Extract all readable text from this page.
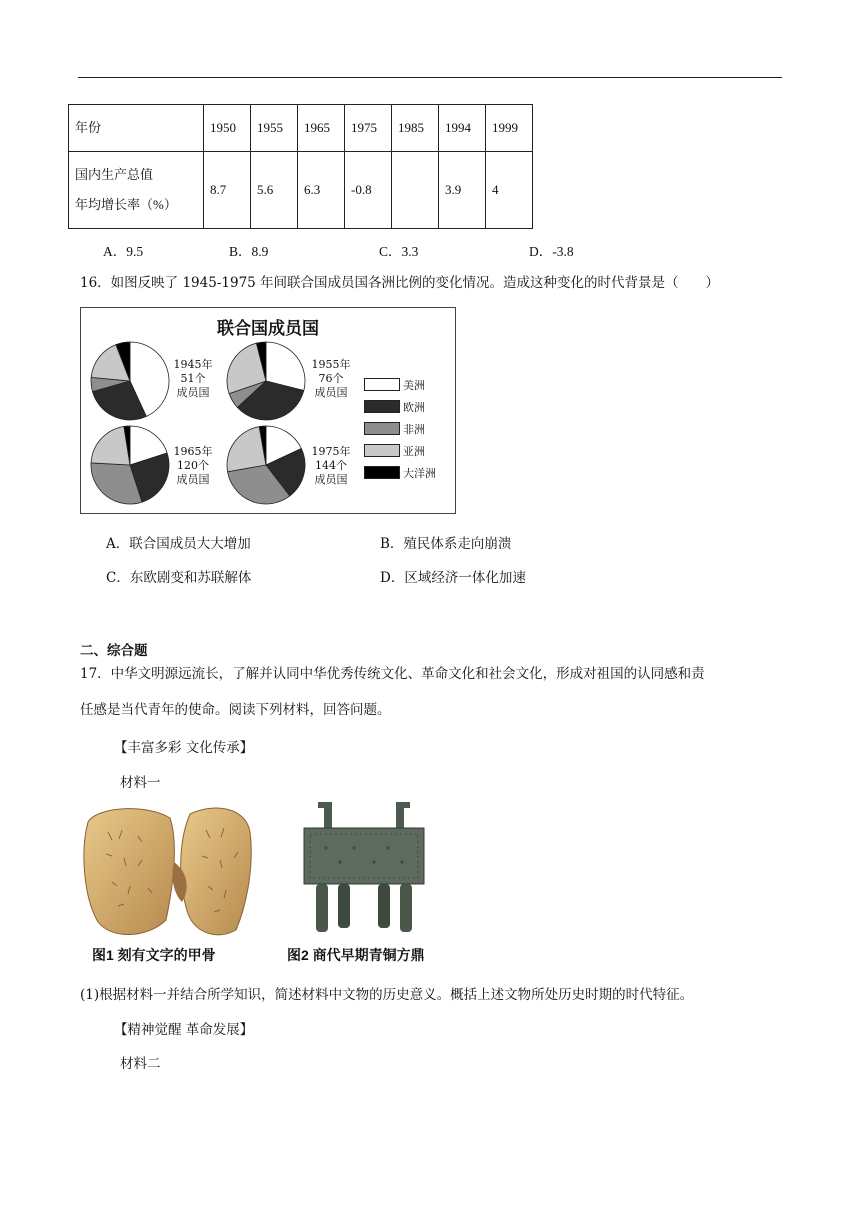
年份	1950	1955	1965	1975	1985	1994	1999

国内生产总值
年均增长率（%）	8.7	5.6	6.3	-0.8		3.9	4
A．9.5	B．8.9	C．3.3	D．-3.8
16．如图反映了 1945-1975 年间联合国成员国各洲比例的变化情况。造成这种变化的时代背景是（　　）
联合国成员国
1945年
51个
成员国
1955年
76个
成员国
1965年
120个
成员国
1975年
144个
成员国
美洲
欧洲
非洲
亚洲
大洋洲
A．联合国成员大大增加	B．殖民体系走向崩溃
C．东欧剧变和苏联解体	D．区域经济一体化加速
二、综合题
17．中华文明源远流长，了解并认同中华优秀传统文化、革命文化和社会文化，形成对祖国的认同感和责
任感是当代青年的使命。阅读下列材料，回答问题。
【丰富多彩 文化传承】
材料一
图1 刻有文字的甲骨	图2 商代早期青铜方鼎
(1)根据材料一并结合所学知识，简述材料中文物的历史意义。概括上述文物所处历史时期的时代特征。
【精神觉醒 革命发展】
材料二
